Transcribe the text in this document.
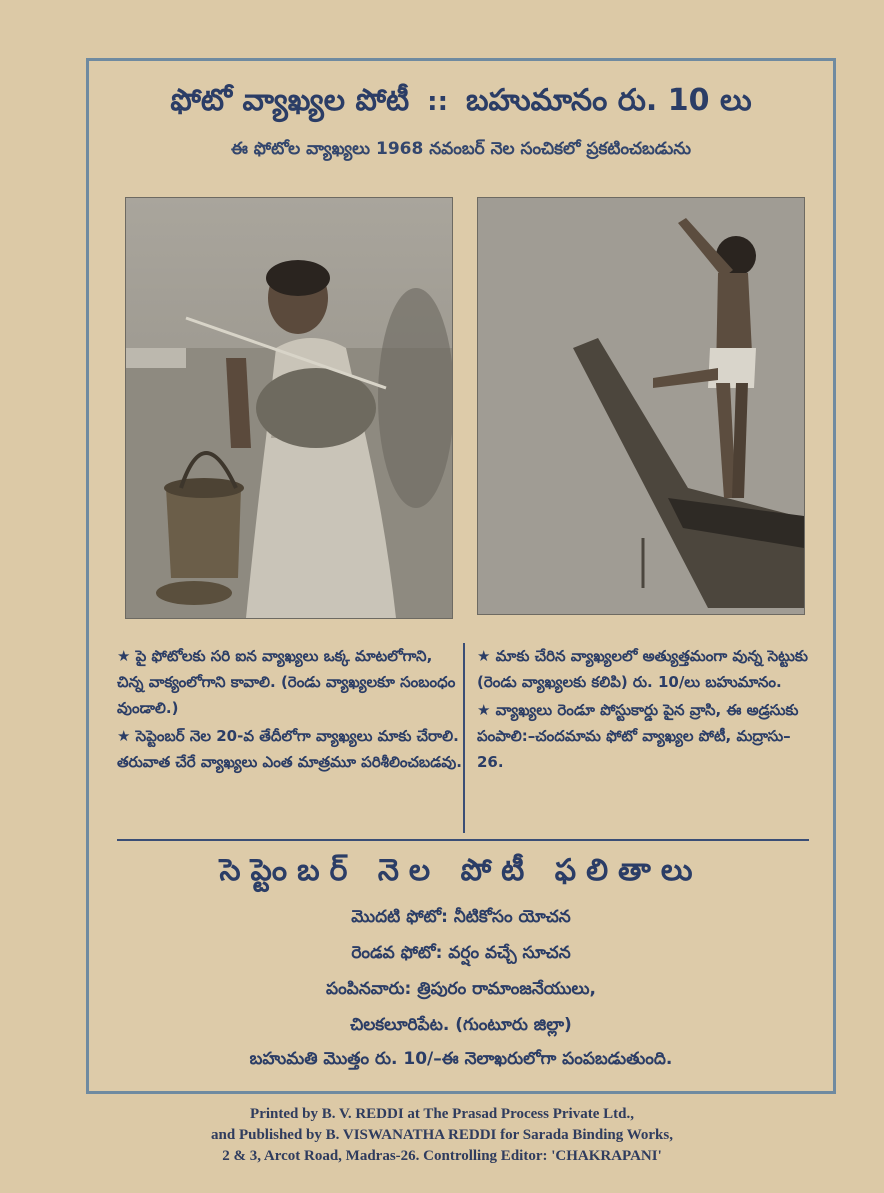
ఫోటో వ్యాఖ్యల పోటీ :: బహుమానం రు. 10 లు
ఈ ఫోటోల వ్యాఖ్యలు 1968 నవంబర్ నెల సంచికలో ప్రకటించబడును

★ పై ఫోటోలకు సరి ఐన వ్యాఖ్యలు ఒక్క మాటలోగాని, చిన్న వాక్యంలోగాని కావాలి. (రెండు వ్యాఖ్యలకూ సంబంధం వుండాలి.)

★ సెప్టెంబర్ నెల 20-వ తేదీలోగా వ్యాఖ్యలు మాకు చేరాలి. తరువాత చేరే వ్యాఖ్యలు ఎంత మాత్రమూ పరిశీలించబడవు.

★ మాకు చేరిన వ్యాఖ్యలలో అత్యుత్తమంగా వున్న సెట్టుకు (రెండు వ్యాఖ్యలకు కలిపి) రు. 10/లు బహుమానం.

★ వ్యాఖ్యలు రెండూ పోస్టుకార్డు పైన వ్రాసి, ఈ అడ్రసుకు పంపాలి:–చందమామ ఫోటో వ్యాఖ్యల పోటీ, మద్రాసు–26.

సెప్టెంబర్ నెల పోటీ ఫలితాలు
మొదటి ఫోటో: నీటికోసం యోచన
రెండవ ఫోటో: వర్షం వచ్చే సూచన
పంపినవారు: త్రిపురం రామాంజనేయులు,
చిలకలూరిపేట. (గుంటూరు జిల్లా)
బహుమతి మొత్తం రు. 10/–ఈ నెలాఖరులోగా పంపబడుతుంది.
Printed by B. V. REDDI at The Prasad Process Private Ltd.,
and Published by B. VISWANATHA REDDI for Sarada Binding Works,
2 & 3, Arcot Road, Madras-26. Controlling Editor: 'CHAKRAPANI'
